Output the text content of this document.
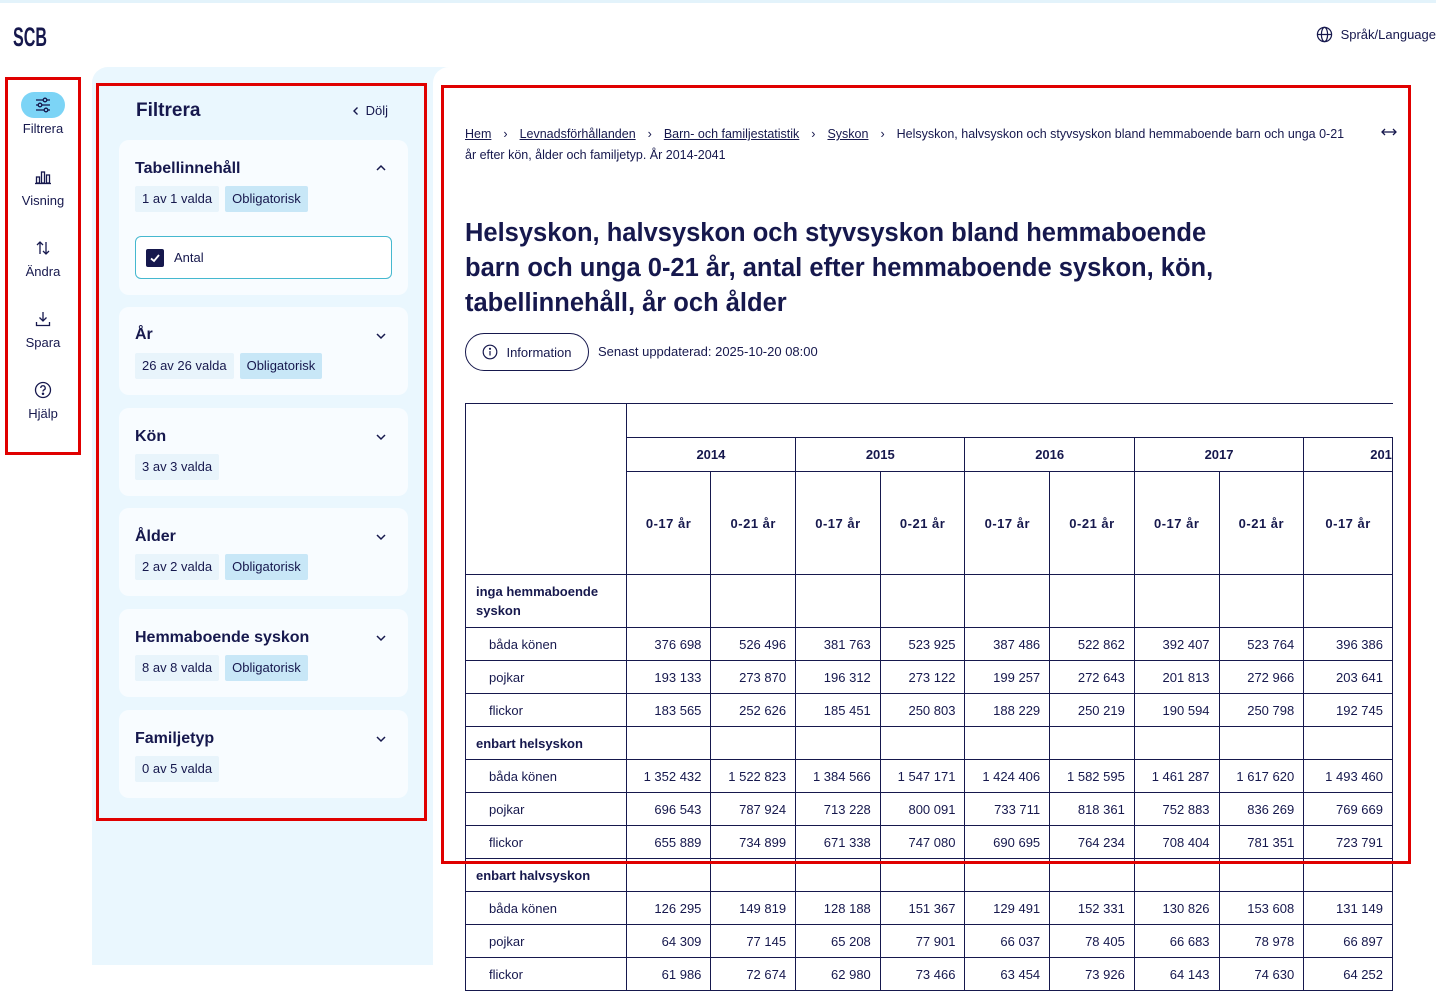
SCB	Språk/Language
Filtrera
Visning
Ändra
Spara
Hjälp
Filtrera	Dölj
Tabellinnehåll
1 av 1 valda	Obligatorisk
Antal
År
26 av 26 valda	Obligatorisk
Kön
3 av 3 valda
Ålder
2 av 2 valda	Obligatorisk
Hemmaboende syskon
8 av 8 valda	Obligatorisk
Familjetyp
0 av 5 valda
Hem › Levnadsförhållanden › Barn- och familjestatistik › Syskon › Helsyskon, halvsyskon och styvsyskon bland hemmaboende barn och unga 0-21 år efter kön, ålder och familjetyp. År 2014-2041
Helsyskon, halvsyskon och styvsyskon bland hemmaboende barn och unga 0-21 år, antal efter hemmaboende syskon, kön, tabellinnehåll, år och ålder
Information Senast uppdaterad: 2025-10-20 08:00

	2014		2015		2016		2017		201
	0-17 år	0-21 år	0-17 år	0-21 år	0-17 år	0-21 år	0-17 år	0-21 år	0-17 år
inga hemmaboende syskon									
båda könen	376 698	526 496	381 763	523 925	387 486	522 862	392 407	523 764	396 386
pojkar	193 133	273 870	196 312	273 122	199 257	272 643	201 813	272 966	203 641
flickor	183 565	252 626	185 451	250 803	188 229	250 219	190 594	250 798	192 745
enbart helsyskon									
båda könen	1 352 432	1 522 823	1 384 566	1 547 171	1 424 406	1 582 595	1 461 287	1 617 620	1 493 460
pojkar	696 543	787 924	713 228	800 091	733 711	818 361	752 883	836 269	769 669
flickor	655 889	734 899	671 338	747 080	690 695	764 234	708 404	781 351	723 791
enbart halvsyskon									
båda könen	126 295	149 819	128 188	151 367	129 491	152 331	130 826	153 608	131 149
pojkar	64 309	77 145	65 208	77 901	66 037	78 405	66 683	78 978	66 897
flickor	61 986	72 674	62 980	73 466	63 454	73 926	64 143	74 630	64 252
